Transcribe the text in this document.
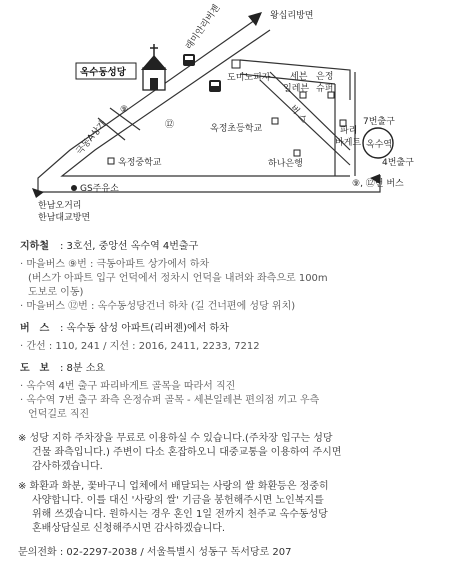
옥수동성당
⑨
⑫
왕십리방면
래미안리버젠
도미노피자 세븐
일레븐
은정
슈퍼
옥정초등학교	파리
바게트
7번출구
옥수역
4번출구
하나은행
⑨, ⑫번 버스
옥정중학교
극동A상가
GS주유소
한남오거리
한남대교방면
버 스
지하철 : 3호선, 중앙선 옥수역 4번출구
· 마을버스 ⑨번 : 극동아파트 상가에서 하차
(버스가 아파트 입구 언덕에서 정차시 언덕을 내려와 좌측으로 100m
도보로 이동)
· 마을버스 ⑫번 : 옥수동성당건너 하차 (길 건너편에 성당 위치)
버　스 : 옥수동 삼성 아파트(리버젠)에서 하차
· 간선 : 110, 241 / 지선 : 2016, 2411, 2233, 7212
도　보 : 8분 소요
· 옥수역 4번 출구 파리바게트 골목을 따라서 직진
· 옥수역 7번 출구 좌측 은정슈퍼 골목 - 세븐일레븐 편의점 끼고 우측
언덕길로 직진
※ 성당 지하 주차장을 무료로 이용하실 수 있습니다.(주차장 입구는 성당
건물 좌측입니다.) 주변이 다소 혼잡하오니 대중교통을 이용하여 주시면
감사하겠습니다.
※ 화환과 화분, 꽃바구니 업체에서 배달되는 사랑의 쌀 화환등은 정중히
사양합니다. 이를 대신 '사랑의 쌀' 기금을 봉헌해주시면 노인복지를
위해 쓰겠습니다. 원하시는 경우 혼인 1일 전까지 천주교 옥수동성당
혼배상담실로 신청해주시면 감사하겠습니다.
문의전화 : 02-2297-2038 / 서울특별시 성동구 독서당로 207
